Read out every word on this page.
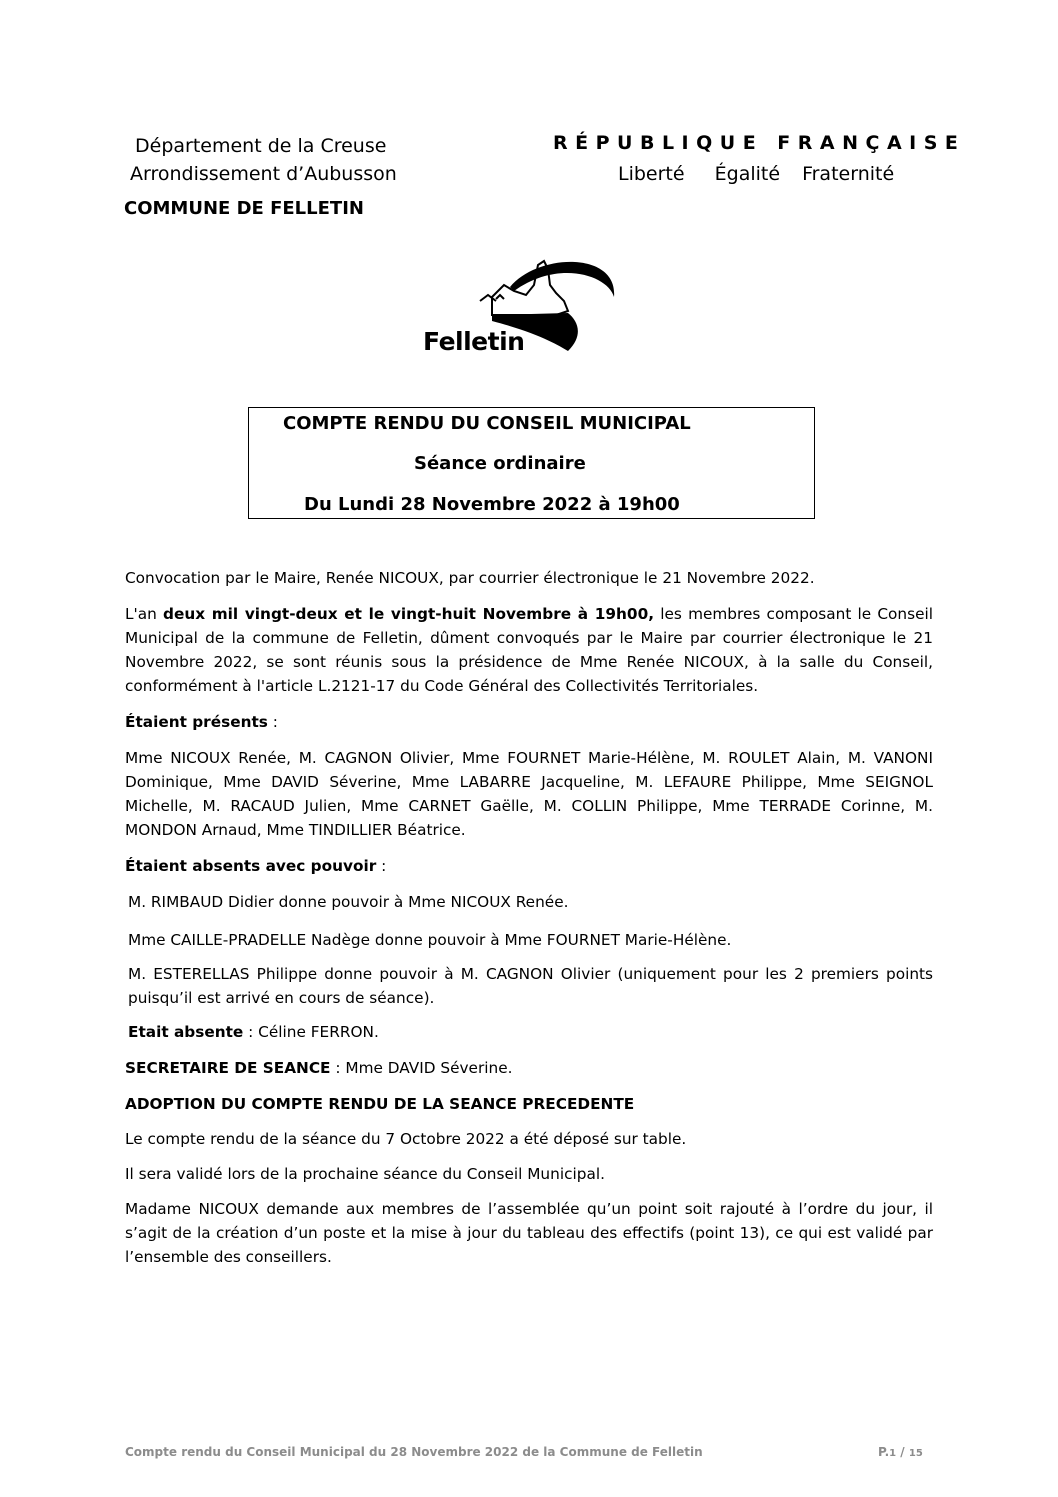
Département de la Creuse
Arrondissement d’Aubusson
COMMUNE DE FELLETIN
RÉPUBLIQUE FRANÇAISE
Liberté Égalité Fraternité
Felletin
COMPTE RENDU DU CONSEIL MUNICIPAL
Séance ordinaire
Du Lundi 28 Novembre 2022 à 19h00
Convocation par le Maire, Renée NICOUX, par courrier électronique le 21 Novembre 2022.
L'an deux mil vingt-deux et le vingt-huit Novembre à 19h00, les membres composant le Conseil Municipal de la commune de Felletin, dûment convoqués par le Maire par courrier électronique le 21 Novembre 2022, se sont réunis sous la présidence de Mme Renée NICOUX, à la salle du Conseil, conformément à l'article L.2121-17 du Code Général des Collectivités Territoriales.
Étaient présents :
Mme NICOUX Renée, M. CAGNON Olivier, Mme FOURNET Marie-Hélène, M. ROULET Alain, M. VANONI Dominique, Mme DAVID Séverine, Mme LABARRE Jacqueline, M. LEFAURE Philippe, Mme SEIGNOL Michelle, M. RACAUD Julien, Mme CARNET Gaëlle, M. COLLIN Philippe, Mme TERRADE Corinne, M. MONDON Arnaud, Mme TINDILLIER Béatrice.
Étaient absents avec pouvoir :
M. RIMBAUD Didier donne pouvoir à Mme NICOUX Renée.
Mme CAILLE-PRADELLE Nadège donne pouvoir à Mme FOURNET Marie-Hélène.
M. ESTERELLAS Philippe donne pouvoir à M. CAGNON Olivier (uniquement pour les 2 premiers points puisqu’il est arrivé en cours de séance).
Etait absente : Céline FERRON.
SECRETAIRE DE SEANCE : Mme DAVID Séverine.
ADOPTION DU COMPTE RENDU DE LA SEANCE PRECEDENTE
Le compte rendu de la séance du 7 Octobre 2022 a été déposé sur table.
Il sera validé lors de la prochaine séance du Conseil Municipal.
Madame NICOUX demande aux membres de l’assemblée qu’un point soit rajouté à l’ordre du jour, il s’agit de la création d’un poste et la mise à jour du tableau des effectifs (point 13), ce qui est validé par l’ensemble des conseillers.
Compte rendu du Conseil Municipal du 28 Novembre 2022 de la Commune de Felletin	P.1 / 15
